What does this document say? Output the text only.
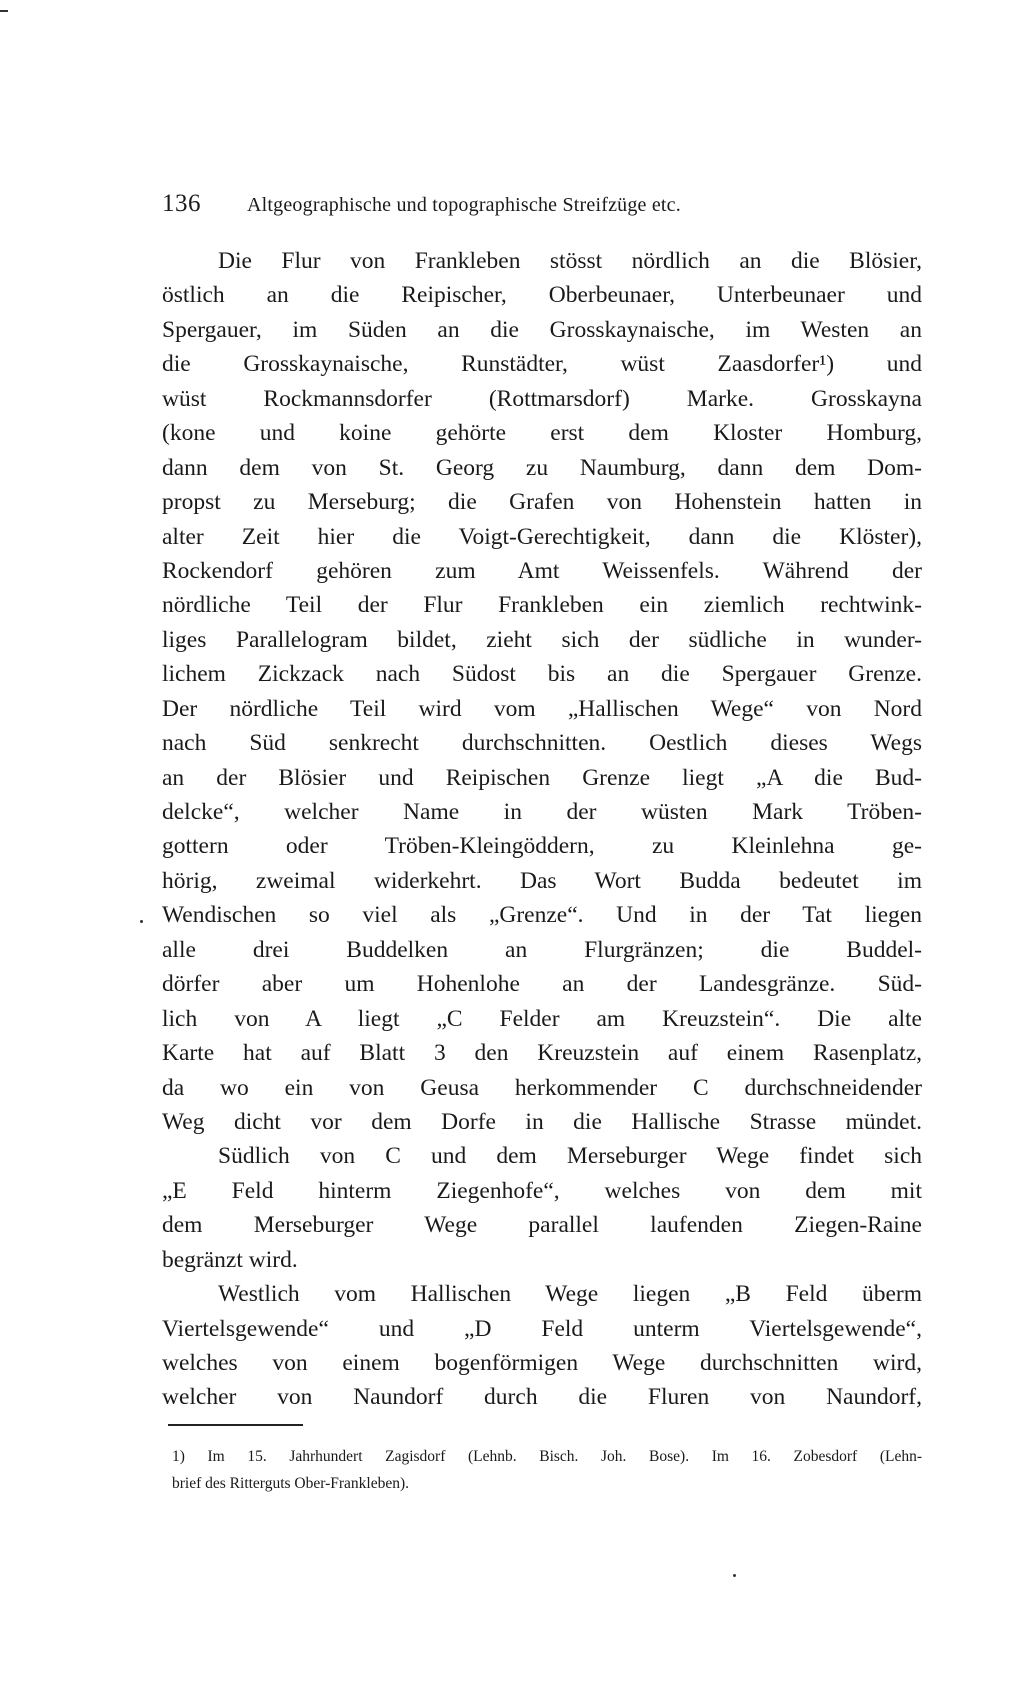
136 Altgeographische und topographische Streifzüge etc.
Die Flur von Frankleben stösst nördlich an die Blösier,
östlich an die Reipischer, Oberbeunaer, Unterbeunaer und
Spergauer, im Süden an die Grosskaynaische, im Westen an
die Grosskaynaische, Runstädter, wüst Zaasdorfer¹) und
wüst Rockmannsdorfer (Rottmarsdorf) Marke. Grosskayna
(kone und koine gehörte erst dem Kloster Homburg,
dann dem von St. Georg zu Naumburg, dann dem Dom-
propst zu Merseburg; die Grafen von Hohenstein hatten in
alter Zeit hier die Voigt-Gerechtigkeit, dann die Klöster),
Rockendorf gehören zum Amt Weissenfels. Während der
nördliche Teil der Flur Frankleben ein ziemlich rechtwink-
liges Parallelogram bildet, zieht sich der südliche in wunder-
lichem Zickzack nach Südost bis an die Spergauer Grenze.
Der nördliche Teil wird vom „Hallischen Wege“ von Nord
nach Süd senkrecht durchschnitten. Oestlich dieses Wegs
an der Blösier und Reipischen Grenze liegt „A die Bud-
delcke“, welcher Name in der wüsten Mark Tröben-
gottern oder Tröben-Kleingöddern, zu Kleinlehna ge-
hörig, zweimal widerkehrt. Das Wort Budda bedeutet im
Wendischen so viel als „Grenze“. Und in der Tat liegen
alle drei Buddelken an Flurgränzen; die Buddel-
dörfer aber um Hohenlohe an der Landesgränze. Süd-
lich von A liegt „C Felder am Kreuzstein“. Die alte
Karte hat auf Blatt 3 den Kreuzstein auf einem Rasenplatz,
da wo ein von Geusa herkommender C durchschneidender
Weg dicht vor dem Dorfe in die Hallische Strasse mündet.
Südlich von C und dem Merseburger Wege findet sich
„E Feld hinterm Ziegenhofe“, welches von dem mit
dem Merseburger Wege parallel laufenden Ziegen-Raine
begränzt wird.
Westlich vom Hallischen Wege liegen „B Feld überm
Viertelsgewende“ und „D Feld unterm Viertelsgewende“,
welches von einem bogenförmigen Wege durchschnitten wird,
welcher von Naundorf durch die Fluren von Naundorf,
1) Im 15. Jahrhundert Zagisdorf (Lehnb. Bisch. Joh. Bose). Im 16. Zobesdorf (Lehn-
brief des Ritterguts Ober-Frankleben).
